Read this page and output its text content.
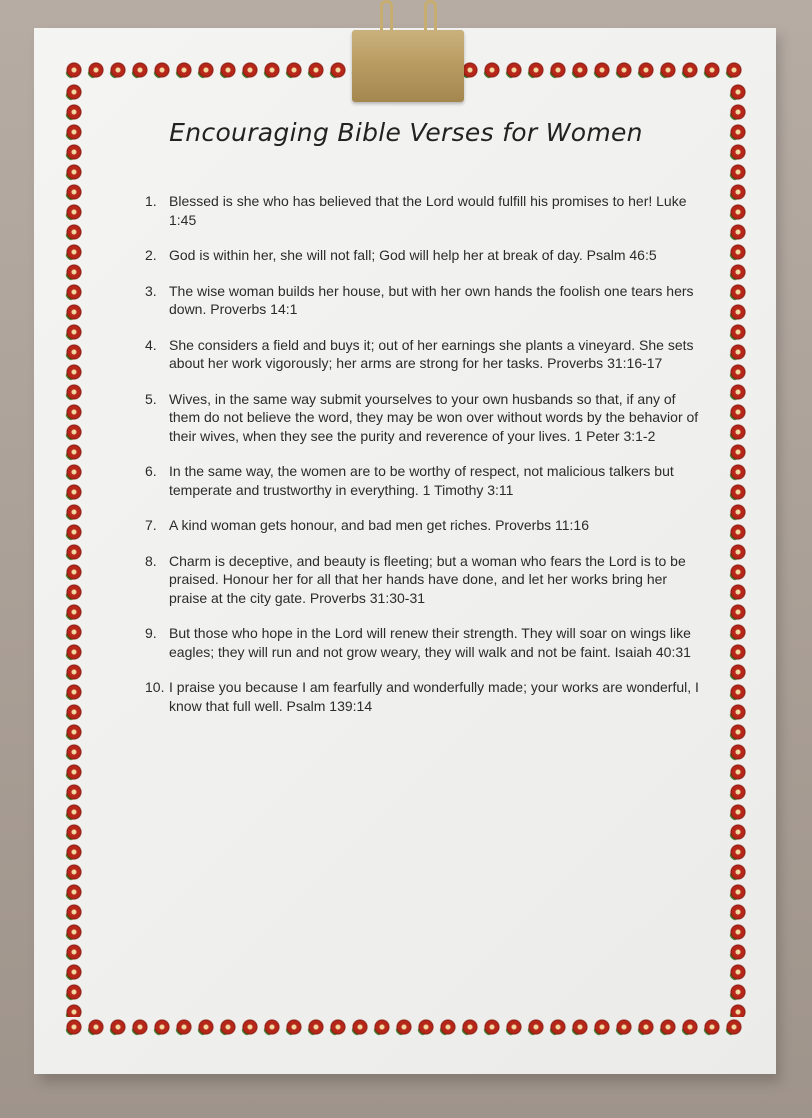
Encouraging Bible Verses for Women
1. Blessed is she who has believed that the Lord would fulfill his promises to her! Luke 1:45
2. God is within her, she will not fall; God will help her at break of day. Psalm 46:5
3. The wise woman builds her house, but with her own hands the foolish one tears hers down. Proverbs 14:1
4. She considers a field and buys it; out of her earnings she plants a vineyard. She sets about her work vigorously; her arms are strong for her tasks. Proverbs 31:16-17
5. Wives, in the same way submit yourselves to your own husbands so that, if any of them do not believe the word, they may be won over without words by the behavior of their wives, when they see the purity and reverence of your lives. 1 Peter 3:1-2
6. In the same way, the women are to be worthy of respect, not malicious talkers but temperate and trustworthy in everything. 1 Timothy 3:11
7. A kind woman gets honour, and bad men get riches. Proverbs 11:16
8. Charm is deceptive, and beauty is fleeting; but a woman who fears the Lord is to be praised. Honour her for all that her hands have done, and let her works bring her praise at the city gate. Proverbs 31:30-31
9. But those who hope in the Lord will renew their strength. They will soar on wings like eagles; they will run and not grow weary, they will walk and not be faint. Isaiah 40:31
10. I praise you because I am fearfully and wonderfully made; your works are wonderful, I know that full well. Psalm 139:14
